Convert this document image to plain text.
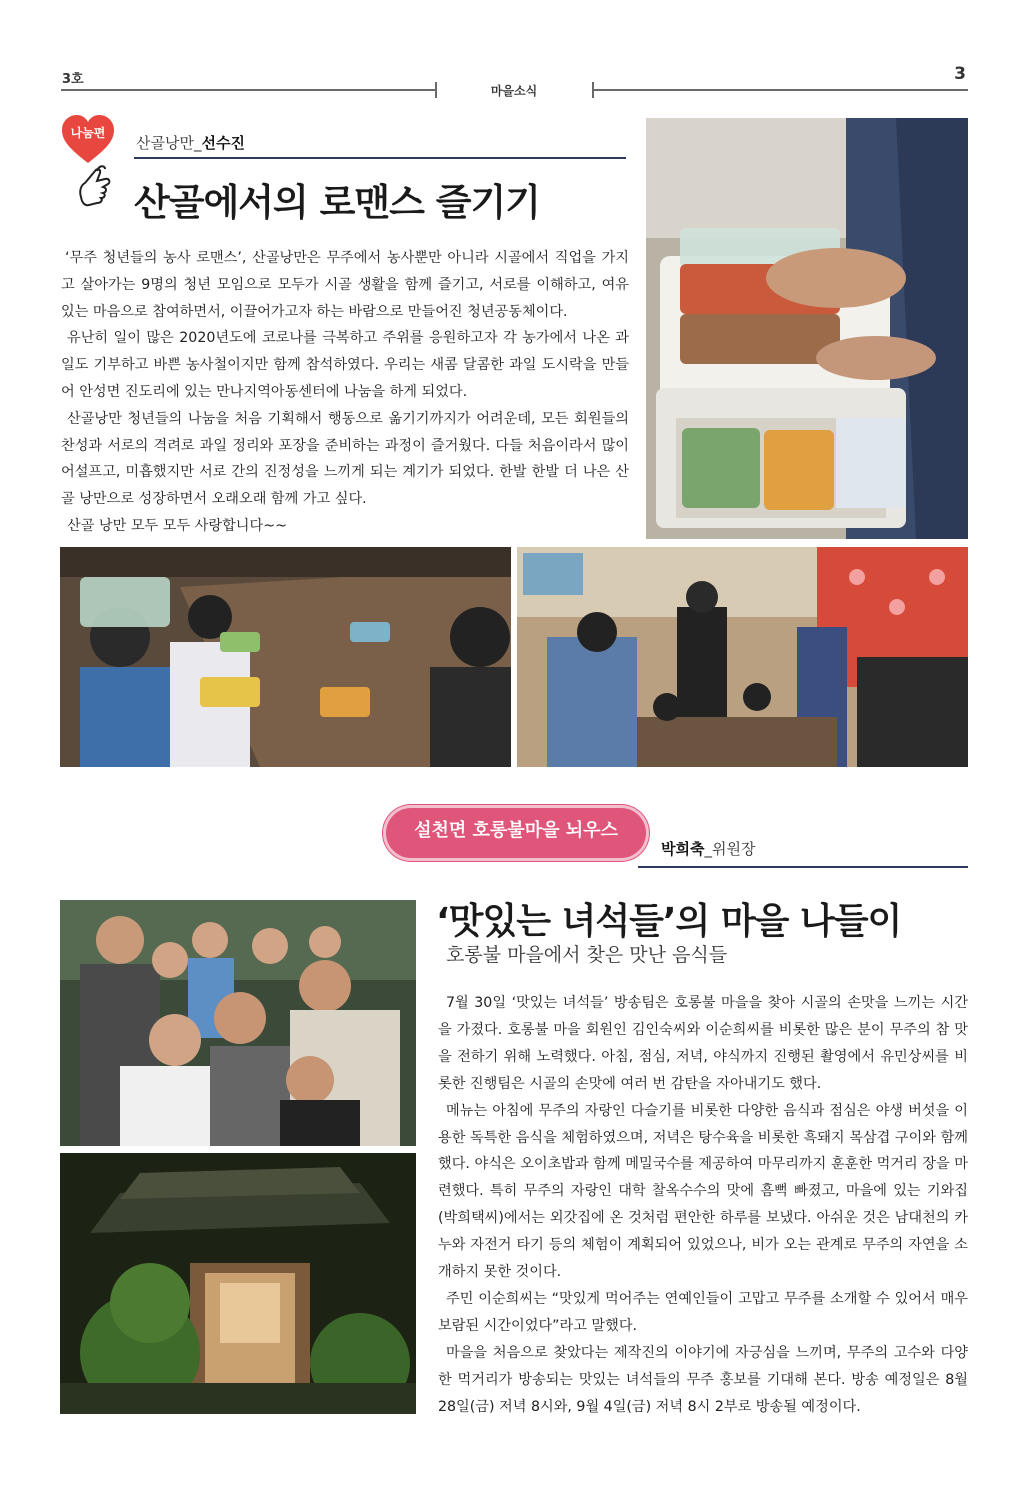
3호
마을소식
3
나눔편
산골낭만_선수진
산골에서의 로맨스 즐기기

‘무주 청년들의 농사 로맨스’, 산골낭만은 무주에서 농사뿐만 아니라 시골에서 직업을 가지고 살아가는 9명의 청년 모임으로 모두가 시골 생활을 함께 즐기고, 서로를 이해하고, 여유 있는 마음으로 참여하면서, 이끌어가고자 하는 바람으로 만들어진 청년공동체이다.

유난히 일이 많은 2020년도에 코로나를 극복하고 주위를 응원하고자 각 농가에서 나온 과일도 기부하고 바쁜 농사철이지만 함께 참석하였다. 우리는 새콤 달콤한 과일 도시락을 만들어 안성면 진도리에 있는 만나지역아동센터에 나눔을 하게 되었다.

산골낭만 청년들의 나눔을 처음 기획해서 행동으로 옮기기까지가 어려운데, 모든 회원들의 찬성과 서로의 격려로 과일 정리와 포장을 준비하는 과정이 즐거웠다. 다들 처음이라서 많이 어설프고, 미흡했지만 서로 간의 진정성을 느끼게 되는 계기가 되었다. 한발 한발 더 나은 산골 낭만으로 성장하면서 오래오래 함께 가고 싶다.

산골 낭만 모두 모두 사랑합니다~~

설천면 호롱불마을 뇌우스
박희축_위원장
‘맛있는 녀석들’의 마을 나들이
호롱불 마을에서 찾은 맛난 음식들

7월 30일 ‘맛있는 녀석들’ 방송팀은 호롱불 마을을 찾아 시골의 손맛을 느끼는 시간을 가졌다. 호롱불 마을 회원인 김인숙씨와 이순희씨를 비롯한 많은 분이 무주의 참 맛을 전하기 위해 노력했다. 아침, 점심, 저녁, 야식까지 진행된 촬영에서 유민상씨를 비롯한 진행팀은 시골의 손맛에 여러 번 감탄을 자아내기도 했다.

메뉴는 아침에 무주의 자랑인 다슬기를 비롯한 다양한 음식과 점심은 야생 버섯을 이용한 독특한 음식을 체험하였으며, 저녁은 탕수육을 비롯한 흑돼지 목삼겹 구이와 함께 했다. 야식은 오이초밥과 함께 메밀국수를 제공하여 마무리까지 훈훈한 먹거리 장을 마련했다. 특히 무주의 자랑인 대학 찰옥수수의 맛에 흠뻑 빠졌고, 마을에 있는 기와집(박희택씨)에서는 외갓집에 온 것처럼 편안한 하루를 보냈다. 아쉬운 것은 남대천의 카누와 자전거 타기 등의 체험이 계획되어 있었으나, 비가 오는 관계로 무주의 자연을 소개하지 못한 것이다.

주민 이순희씨는 “맛있게 먹어주는 연예인들이 고맙고 무주를 소개할 수 있어서 매우 보람된 시간이었다”라고 말했다.

마을을 처음으로 찾았다는 제작진의 이야기에 자긍심을 느끼며, 무주의 고수와 다양한 먹거리가 방송되는 맛있는 녀석들의 무주 홍보를 기대해 본다. 방송 예정일은 8월 28일(금) 저녁 8시와, 9월 4일(금) 저녁 8시 2부로 방송될 예정이다.
